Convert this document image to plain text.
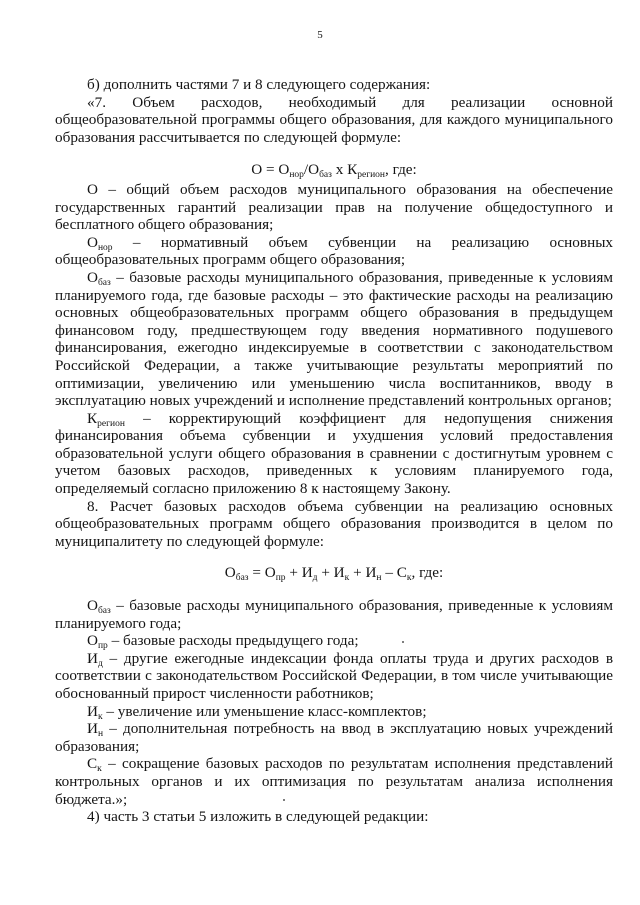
5

б) дополнить частями 7 и 8 следующего содержания:

«7. Объем расходов, необходимый для реализации основной общеобразовательной программы общего образования, для каждого муниципального образования рассчитывается по следующей формуле:

$О = О_{нор}/О_{баз}$ х $К_{регион}$, где:

О – общий объем расходов муниципального образования на обеспечение государственных гарантий реализации прав на получение общедоступного и бесплатного общего образования;

$О_{нор}$ – нормативный объем субвенции на реализацию основных общеобразовательных программ общего образования;

$О_{баз}$ – базовые расходы муниципального образования, приведенные к условиям планируемого года, где базовые расходы – это фактические расходы на реализацию основных общеобразовательных программ общего образования в предыдущем финансовом году, предшествующем году введения нормативного подушевого финансирования, ежегодно индексируемые в соответствии с законодательством Российской Федерации, а также учитывающие результаты мероприятий по оптимизации, увеличению или уменьшению числа воспитанников, вводу в эксплуатацию новых учреждений и исполнение представлений контрольных органов;

$К_{регион}$ – корректирующий коэффициент для недопущения снижения финансирования объема субвенции и ухудшения условий предоставления образовательной услуги общего образования в сравнении с достигнутым уровнем с учетом базовых расходов, приведенных к условиям планируемого года, определяемый согласно приложению 8 к настоящему Закону.

8. Расчет базовых расходов объема субвенции на реализацию основных общеобразовательных программ общего образования производится в целом по муниципалитету по следующей формуле:

$О_{баз} = О_{пр} + И_д + И_к + И_н - С_к$, где:

$О_{баз}$ – базовые расходы муниципального образования, приведенные к условиям планируемого года;

$О_{пр}$ – базовые расходы предыдущего года;

$И_д$ – другие ежегодные индексации фонда оплаты труда и других расходов в соответствии с законодательством Российской Федерации, в том числе учитывающие обоснованный прирост численности работников;

$И_к$ – увеличение или уменьшение класс-комплектов;

$И_н$ – дополнительная потребность на ввод в эксплуатацию новых учреждений образования;

$С_к$ – сокращение базовых расходов по результатам исполнения представлений контрольных органов и их оптимизация по результатам анализа исполнения бюджета.»;

4) часть 3 статьи 5 изложить в следующей редакции:
